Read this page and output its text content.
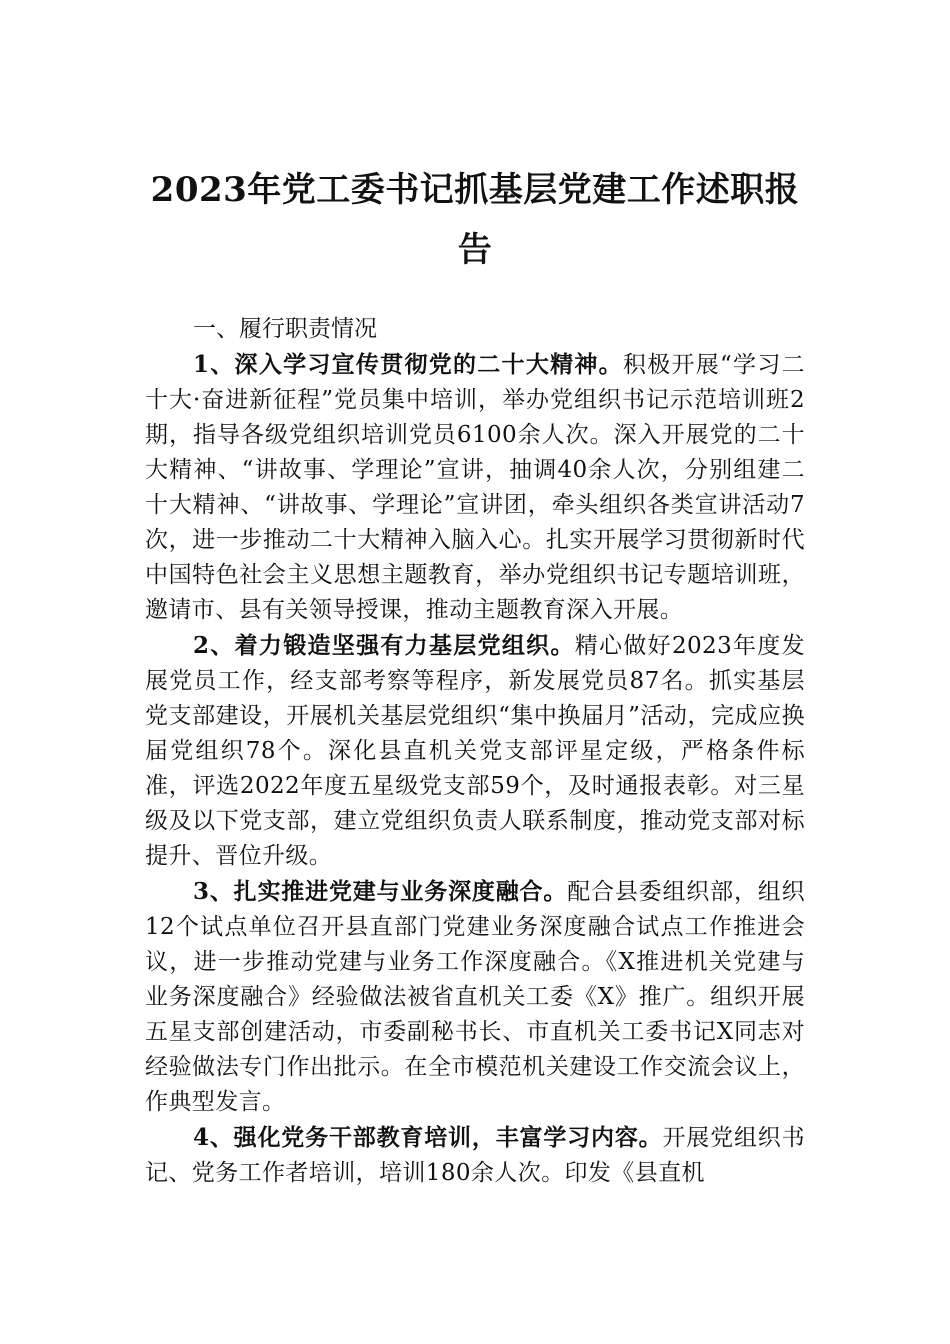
2023年党工委书记抓基层党建工作述职报告

一、履行职责情况

1、深入学习宣传贯彻党的二十大精神。积极开展“学习二十大·奋进新征程”党员集中培训，举办党组织书记示范培训班2期，指导各级党组织培训党员6100余人次。深入开展党的二十大精神、“讲故事、学理论”宣讲，抽调40余人次，分别组建二十大精神、“讲故事、学理论”宣讲团，牵头组织各类宣讲活动7次，进一步推动二十大精神入脑入心。扎实开展学习贯彻新时代中国特色社会主义思想主题教育，举办党组织书记专题培训班，邀请市、县有关领导授课，推动主题教育深入开展。

2、着力锻造坚强有力基层党组织。精心做好2023年度发展党员工作，经支部考察等程序，新发展党员87名。抓实基层党支部建设，开展机关基层党组织“集中换届月”活动，完成应换届党组织78个。深化县直机关党支部评星定级，严格条件标准，评选2022年度五星级党支部59个，及时通报表彰。对三星级及以下党支部，建立党组织负责人联系制度，推动党支部对标提升、晋位升级。

3、扎实推进党建与业务深度融合。配合县委组织部，组织12个试点单位召开县直部门党建业务深度融合试点工作推进会议，进一步推动党建与业务工作深度融合。《X推进机关党建与业务深度融合》经验做法被省直机关工委《X》推广。组织开展五星支部创建活动，市委副秘书长、市直机关工委书记X同志对经验做法专门作出批示。在全市模范机关建设工作交流会议上，作典型发言。

4、强化党务干部教育培训，丰富学习内容。开展党组织书记、党务工作者培训，培训180余人次。印发《县直机
